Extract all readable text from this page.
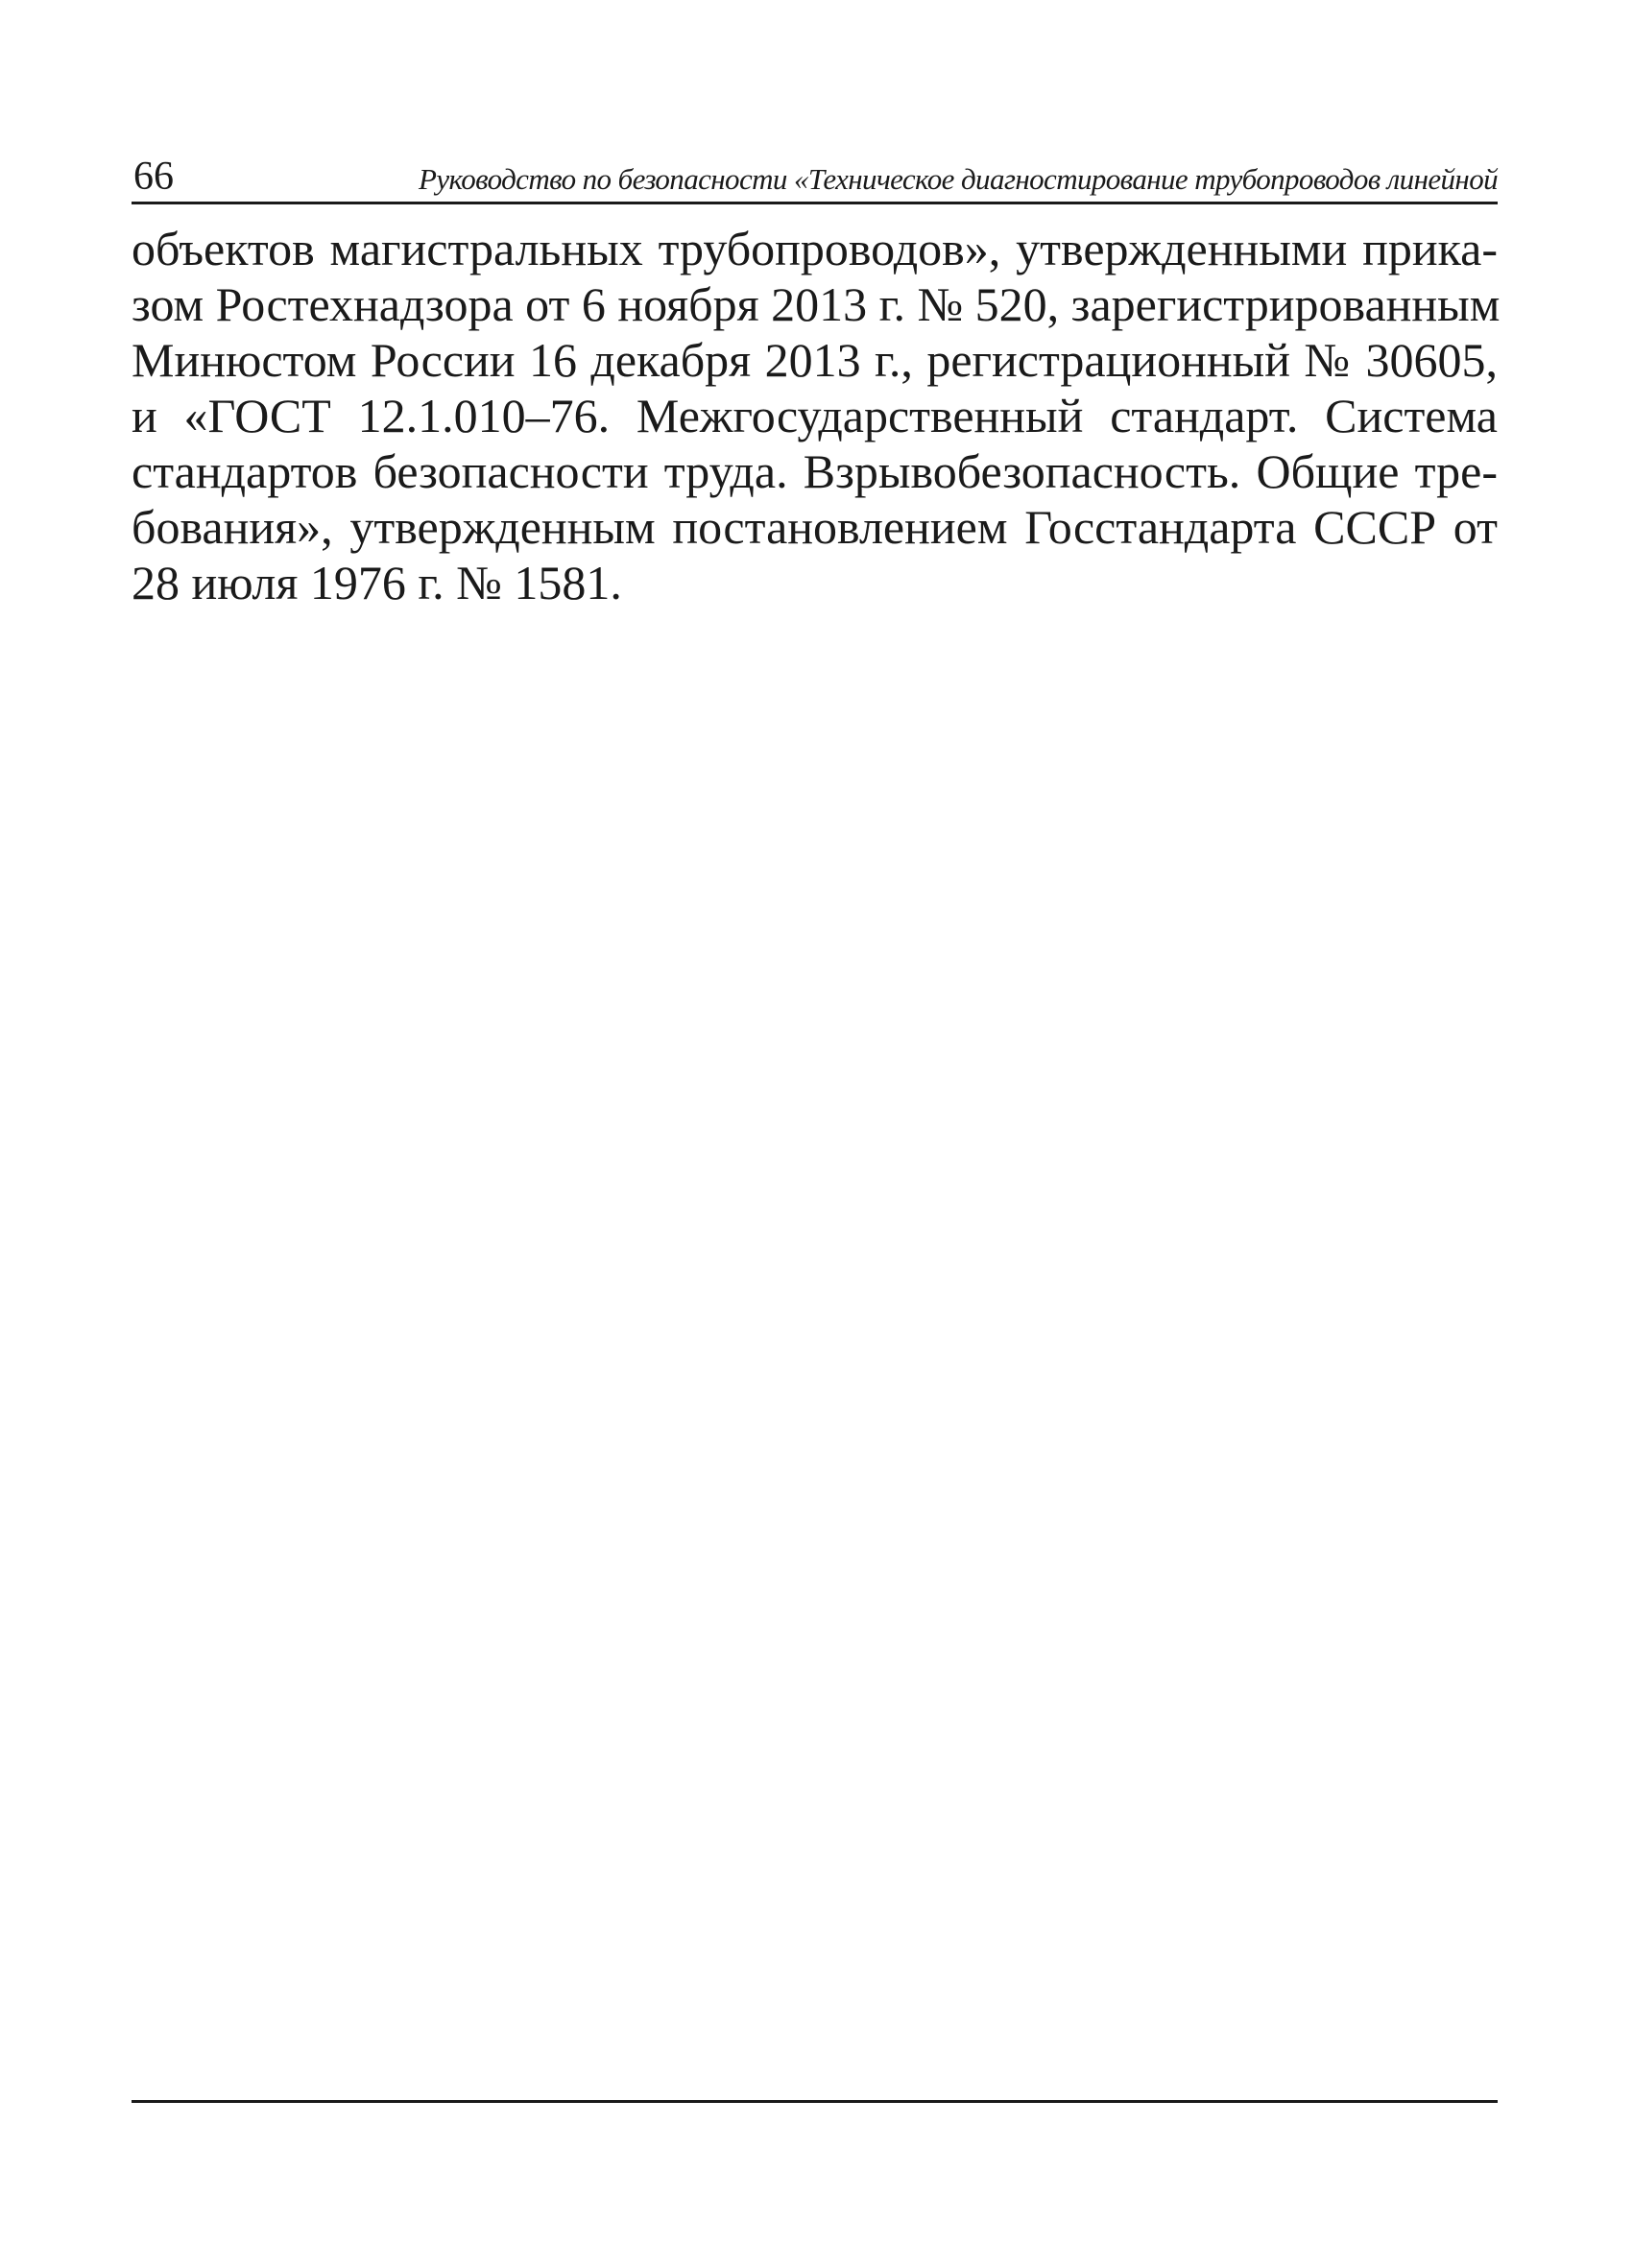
66	Руководство по безопасности «Техническое диагностирование трубопроводов линейной
объектов магистральных трубопроводов», утвержденными прика-
зом Ростехнадзора от 6 ноября 2013 г. № 520, зарегистрированным
Минюстом России 16 декабря 2013 г., регистрационный № 30605,
и «ГОСТ 12.1.010–76. Межгосударственный стандарт. Система
стандартов безопасности труда. Взрывобезопасность. Общие тре-
бования», утвержденным постановлением Госстандарта СССР от
28 июля 1976 г. № 1581.
